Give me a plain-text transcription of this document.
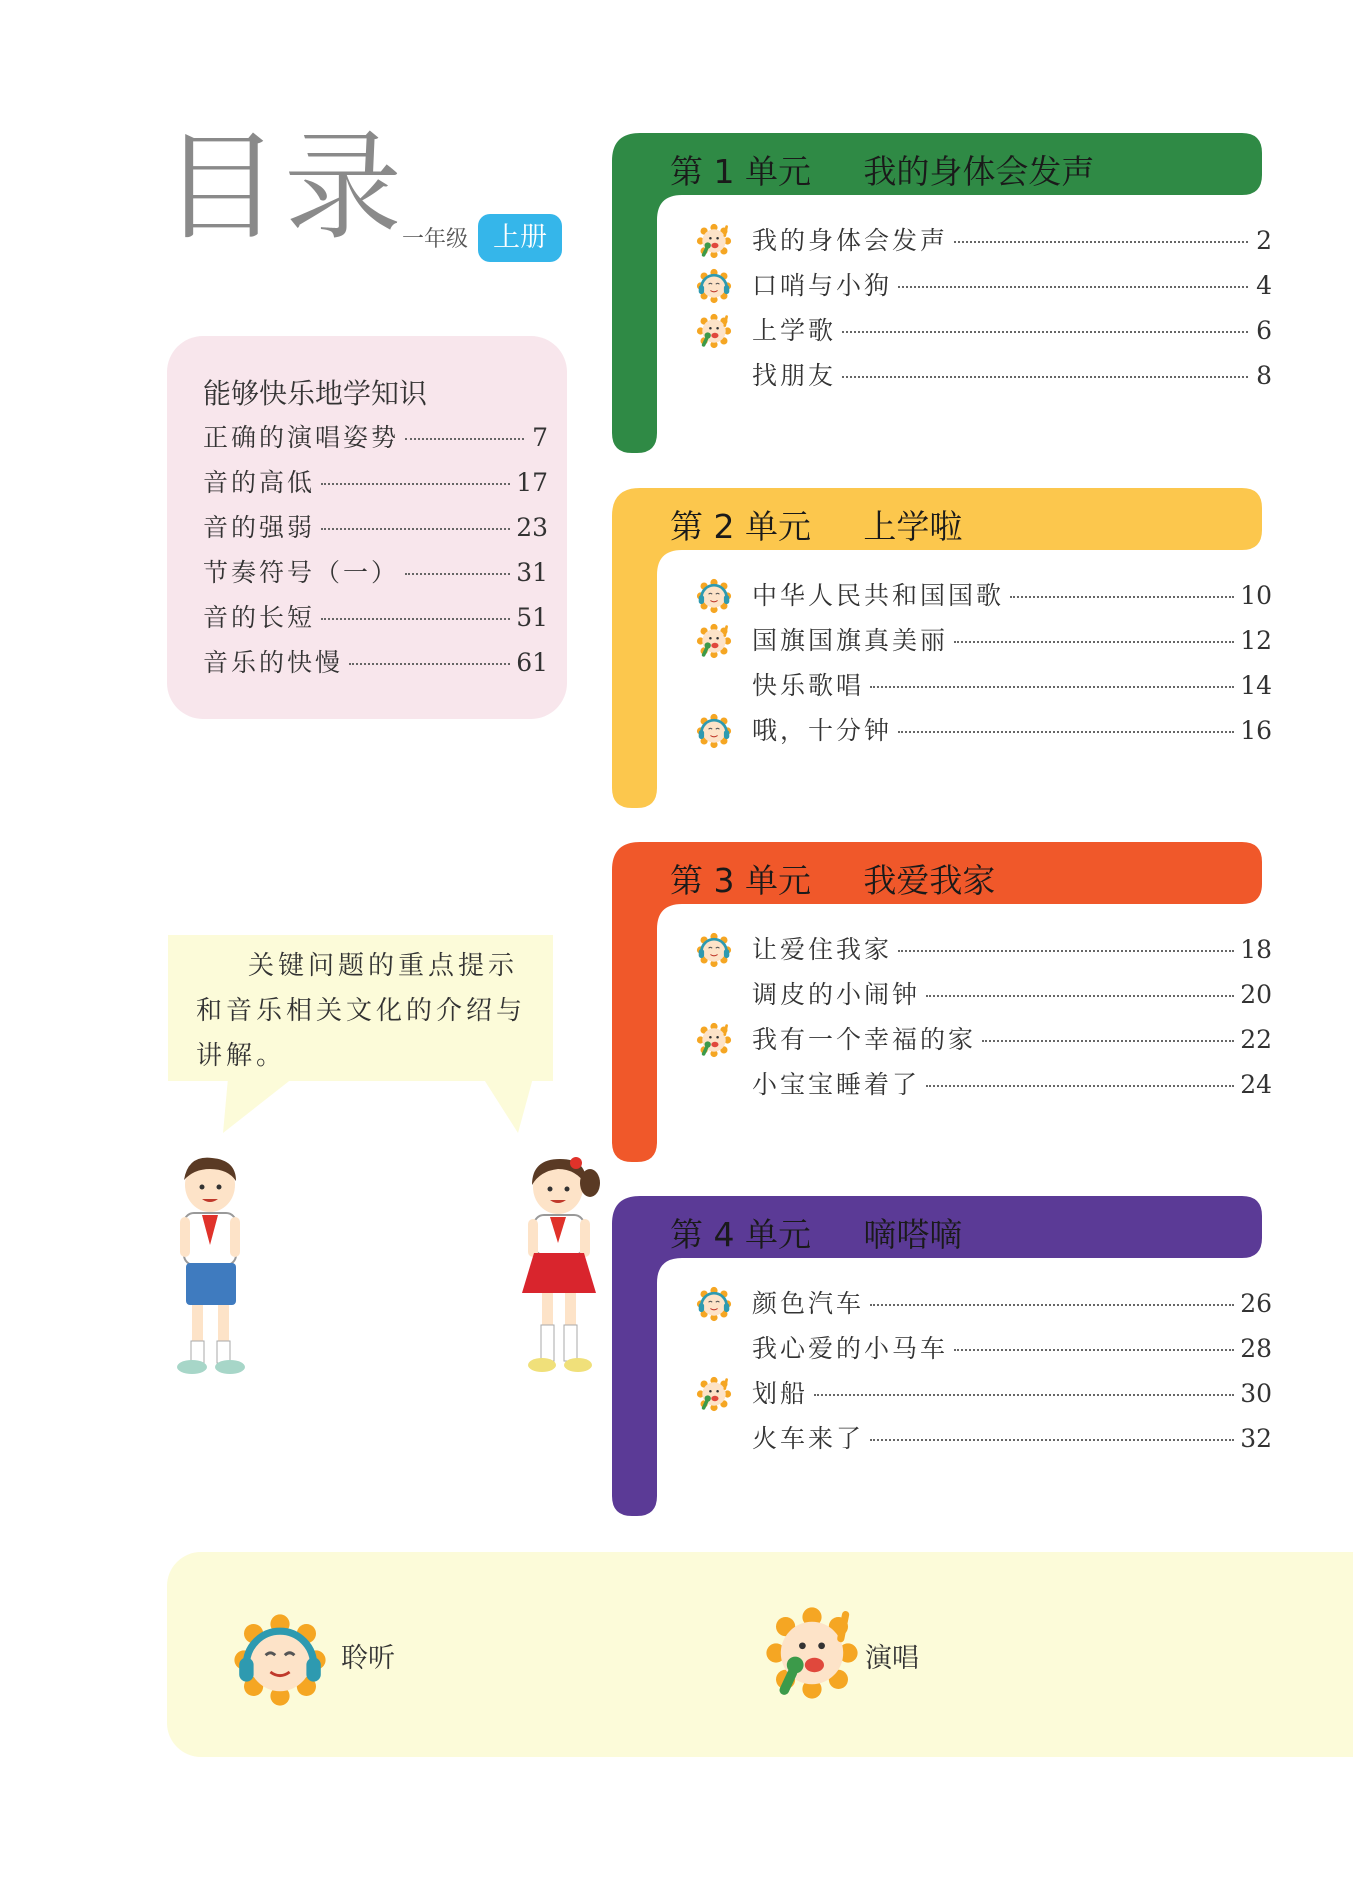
目录
一年级 上册
能够快乐地学知识
正确的演唱姿势	7
音的高低	17
音的强弱	23
节奏符号（一）	31
音的长短	51
音乐的快慢	61
第 1 单元     我的身体会发声
我的身体会发声	2
口哨与小狗	4
上学歌	6
找朋友	8
第 2 单元     上学啦
中华人民共和国国歌	10
国旗国旗真美丽	12
快乐歌唱	14
哦，十分钟	16
第 3 单元     我爱我家
让爱住我家	18
调皮的小闹钟	20
我有一个幸福的家	22
小宝宝睡着了	24
第 4 单元     嘀嗒嘀
颜色汽车	26
我心爱的小马车	28
划船	30
火车来了	32
关键问题的重点提示和音乐相关文化的介绍与讲解。
聆听	演唱
